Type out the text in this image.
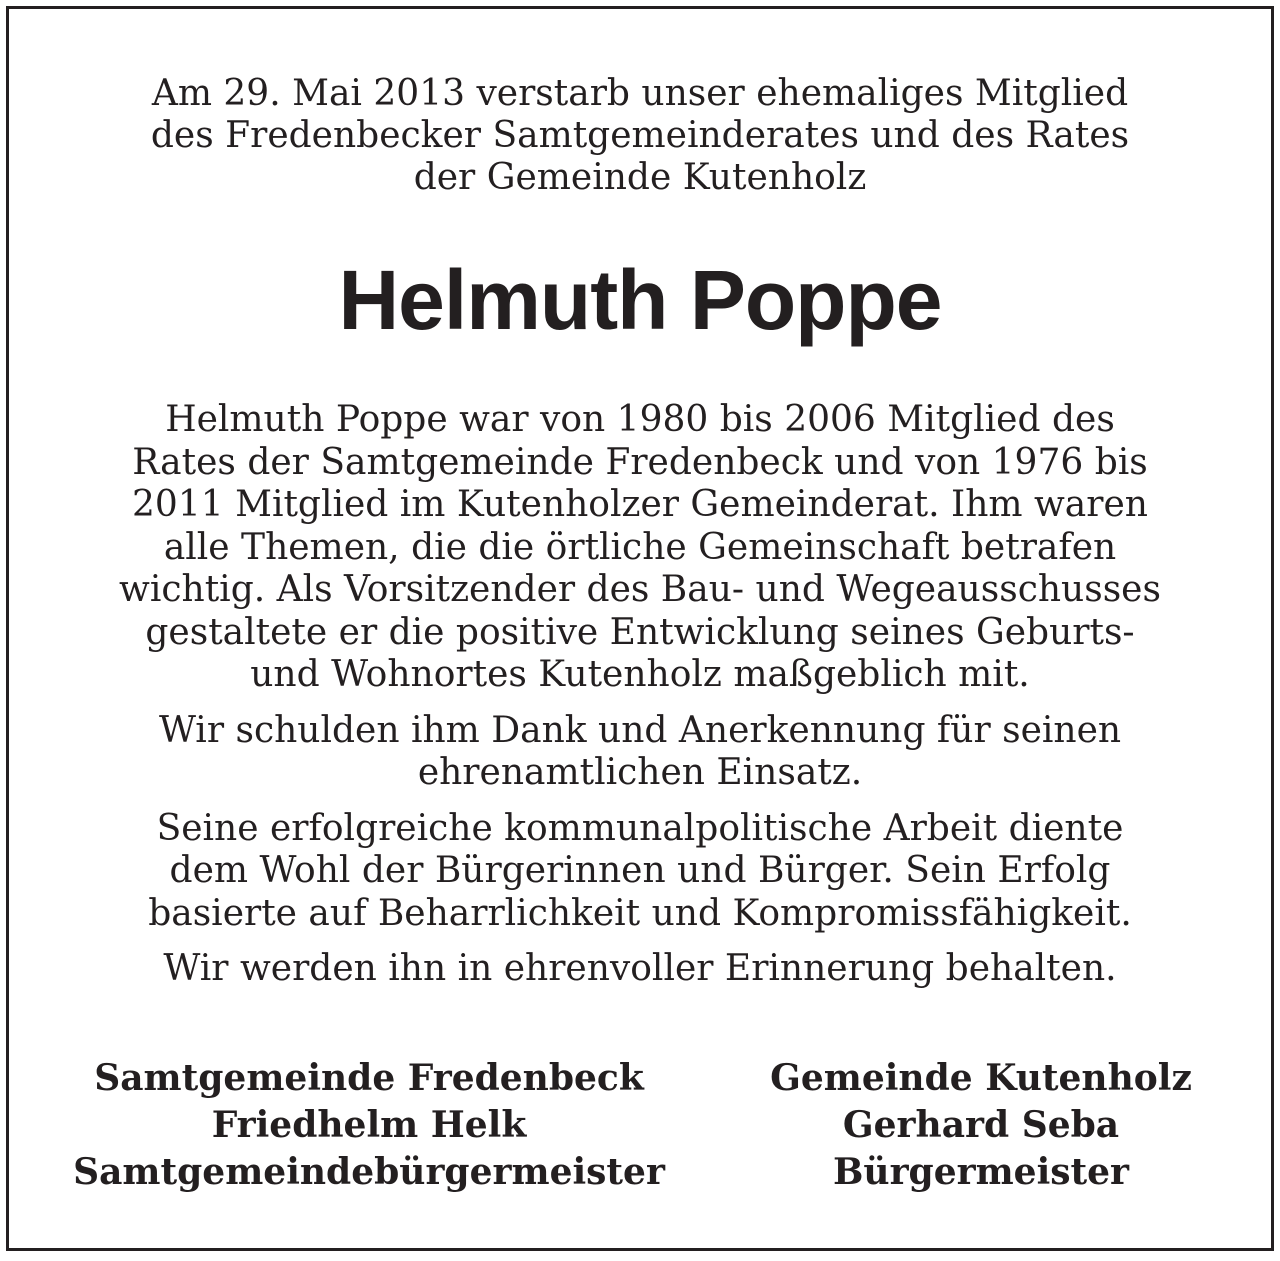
Am 29. Mai 2013 verstarb unser ehemaliges Mitglied
des Fredenbecker Samtgemeinderates und des Rates
der Gemeinde Kutenholz
Helmuth Poppe

Helmuth Poppe war von 1980 bis 2006 Mitglied des
Rates der Samtgemeinde Fredenbeck und von 1976 bis
2011 Mitglied im Kutenholzer Gemeinderat. Ihm waren
alle Themen, die die örtliche Gemeinschaft betrafen
wichtig. Als Vorsitzender des Bau- und Wegeausschusses
gestaltete er die positive Entwicklung seines Geburts-
und Wohnortes Kutenholz maßgeblich mit.

Wir schulden ihm Dank und Anerkennung für seinen
ehrenamtlichen Einsatz.

Seine erfolgreiche kommunalpolitische Arbeit diente
dem Wohl der Bürgerinnen und Bürger. Sein Erfolg
basierte auf Beharrlichkeit und Kompromissfähigkeit.

Wir werden ihn in ehrenvoller Erinnerung behalten.

Samtgemeinde Fredenbeck
Friedhelm Helk
Samtgemeindebürgermeister
Gemeinde Kutenholz
Gerhard Seba
Bürgermeister
